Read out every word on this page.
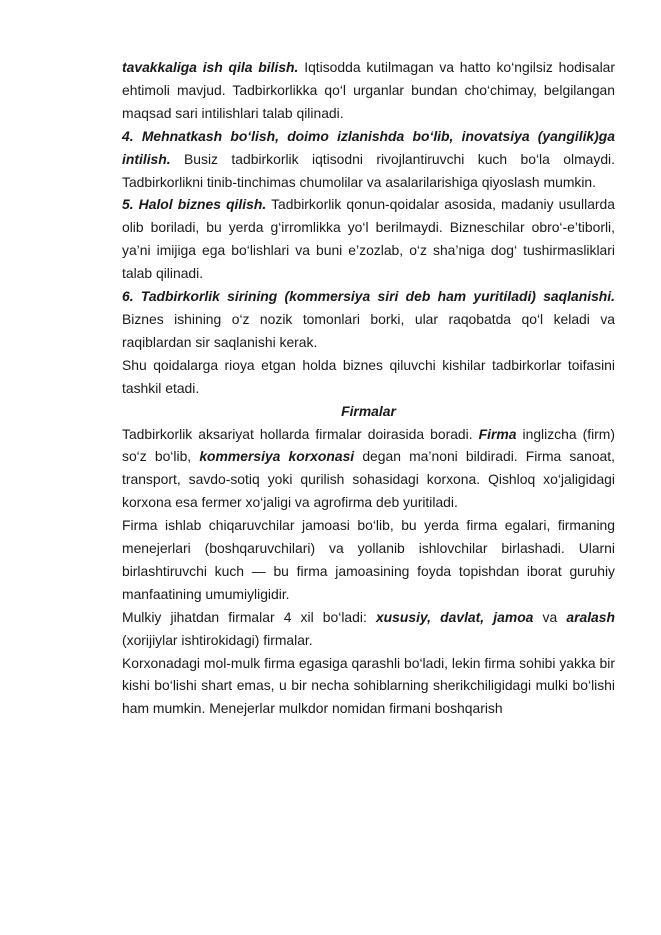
tavakkaliga ish qila bilish. Iqtisodda kutilmagan va hatto ko‘ngilsiz hodisalar ehtimoli mavjud. Tadbirkorlikka qo‘l urganlar bundan cho‘chimay, belgilangan maqsad sari intilishlari talab qilinadi.

4. Mehnatkash bo‘lish, doimo izlanishda bo‘lib, inovatsiya (yangilik)ga intilish. Busiz tadbirkorlik iqtisodni rivojlantiruvchi kuch bo‘la olmaydi. Tadbirkorlikni tinib-tinchimas chumolilar va asalarilarishiga qiyoslash mumkin.

5. Halol biznes qilish. Tadbirkorlik qonun-qoidalar asosida, madaniy usullarda olib boriladi, bu yerda g‘irromlikka yo‘l berilmaydi. Bizneschilar obro‘-e’tiborli, ya’ni imijiga ega bo‘lishlari va buni e’zozlab, o‘z sha’niga dog‘ tushirmasliklari talab qilinadi.

6. Tadbirkorlik sirining (kommersiya siri deb ham yuritiladi) saqlanishi. Biznes ishining o‘z nozik tomonlari borki, ular raqobatda qo‘l keladi va raqiblardan sir saqlanishi kerak.

Shu qoidalarga rioya etgan holda biznes qiluvchi kishilar tadbirkorlar toifasini tashkil etadi.

Firmalar

Tadbirkorlik aksariyat hollarda firmalar doirasida boradi. Firma inglizcha (firm) so‘z bo‘lib, kommersiya korxonasi degan ma’noni bildiradi. Firma sanoat, transport, savdo-sotiq yoki qurilish sohasidagi korxona. Qishloq xo‘jaligidagi korxona esa fermer xo‘jaligi va agrofirma deb yuritiladi.

Firma ishlab chiqaruvchilar jamoasi bo‘lib, bu yerda firma egalari, firmaning menejerlari (boshqaruvchilari) va yollanib ishlovchilar birlashadi. Ularni birlashtiruvchi kuch — bu firma jamoasining foyda topishdan iborat guruhiy manfaatining umumiyligidir.

Mulkiy jihatdan firmalar 4 xil bo‘ladi: xususiy, davlat, jamoa va aralash (xorijiylar ishtirokidagi) firmalar.

Korxonadagi mol-mulk firma egasiga qarashli bo‘ladi, lekin firma sohibi yakka bir kishi bo‘lishi shart emas, u bir necha sohiblarning sherikchiligidagi mulki bo‘lishi ham mumkin. Menejerlar mulkdor nomidan firmani boshqarish
